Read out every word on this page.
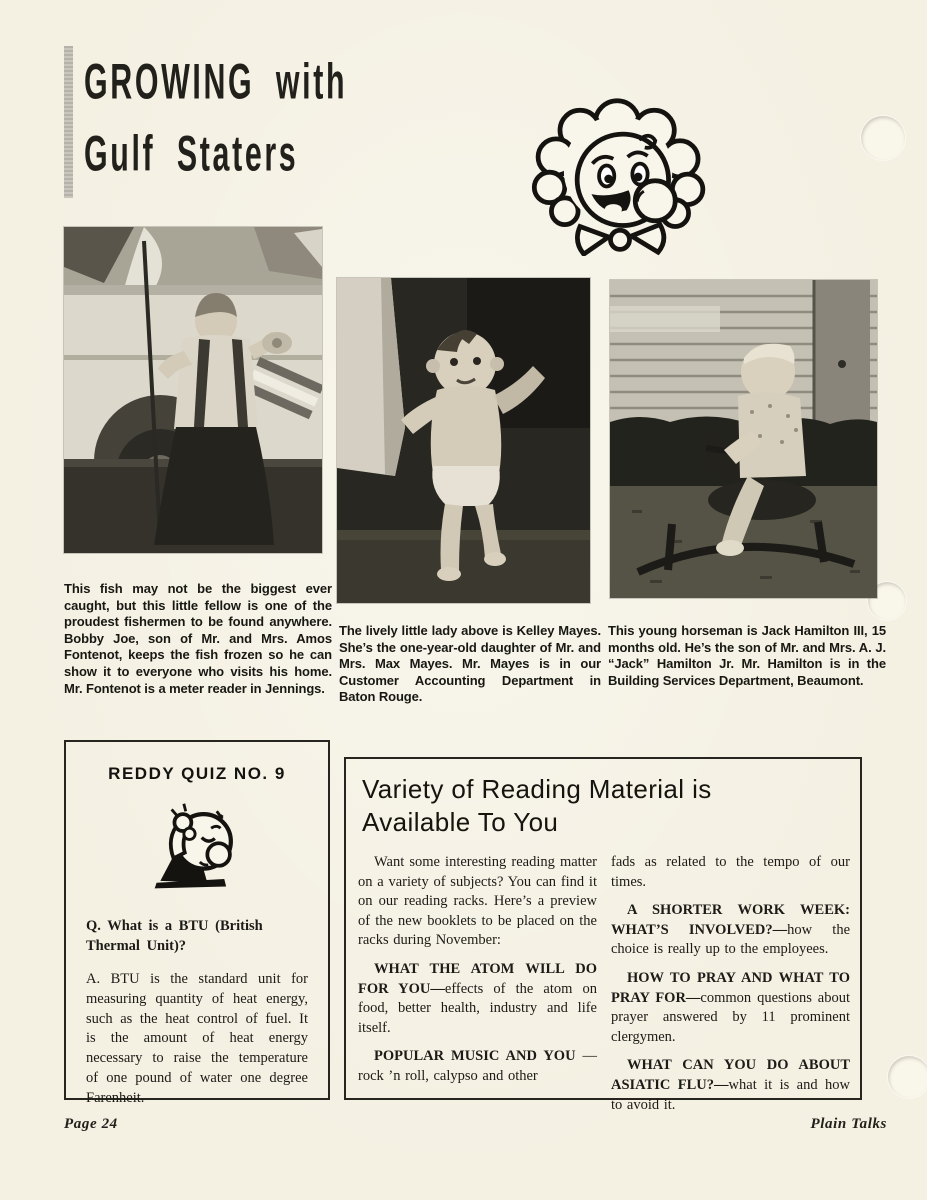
GROWING with
Gulf Staters

This fish may not be the biggest ever caught, but this little fellow is one of the proudest fishermen to be found anywhere. Bobby Joe, son of Mr. and Mrs. Amos Fontenot, keeps the fish frozen so he can show it to everyone who visits his home. Mr. Fontenot is a meter reader in Jennings.

The lively little lady above is Kelley Mayes. She’s the one-year-old daughter of Mr. and Mrs. Max Mayes. Mr. Mayes is in our Customer Accounting Department in Baton Rouge.

This young horseman is Jack Hamilton III, 15 months old. He’s the son of Mr. and Mrs. A. J. “Jack” Hamilton Jr. Mr. Hamilton is in the Building Services Department, Beaumont.

REDDY QUIZ NO. 9

Q. What is a BTU (British Thermal Unit)?

A. BTU is the standard unit for measuring quantity of heat energy, such as the heat control of fuel. It is the amount of heat energy necessary to raise the temperature of one pound of water one degree Farenheit.

Variety of Reading Material is
Available To You

Want some interesting reading matter on a variety of subjects? You can find it on our reading racks. Here’s a preview of the new booklets to be placed on the racks during November:

WHAT THE ATOM WILL DO FOR YOU—effects of the atom on food, better health, industry and life itself.

POPULAR MUSIC AND YOU —rock ’n roll, calypso and other

fads as related to the tempo of our times.

A SHORTER WORK WEEK: WHAT’S INVOLVED?—how the choice is really up to the employees.

HOW TO PRAY AND WHAT TO PRAY FOR—common questions about prayer answered by 11 prominent clergymen.

WHAT CAN YOU DO ABOUT ASIATIC FLU?—what it is and how to avoid it.

Page 24	Plain Talks
